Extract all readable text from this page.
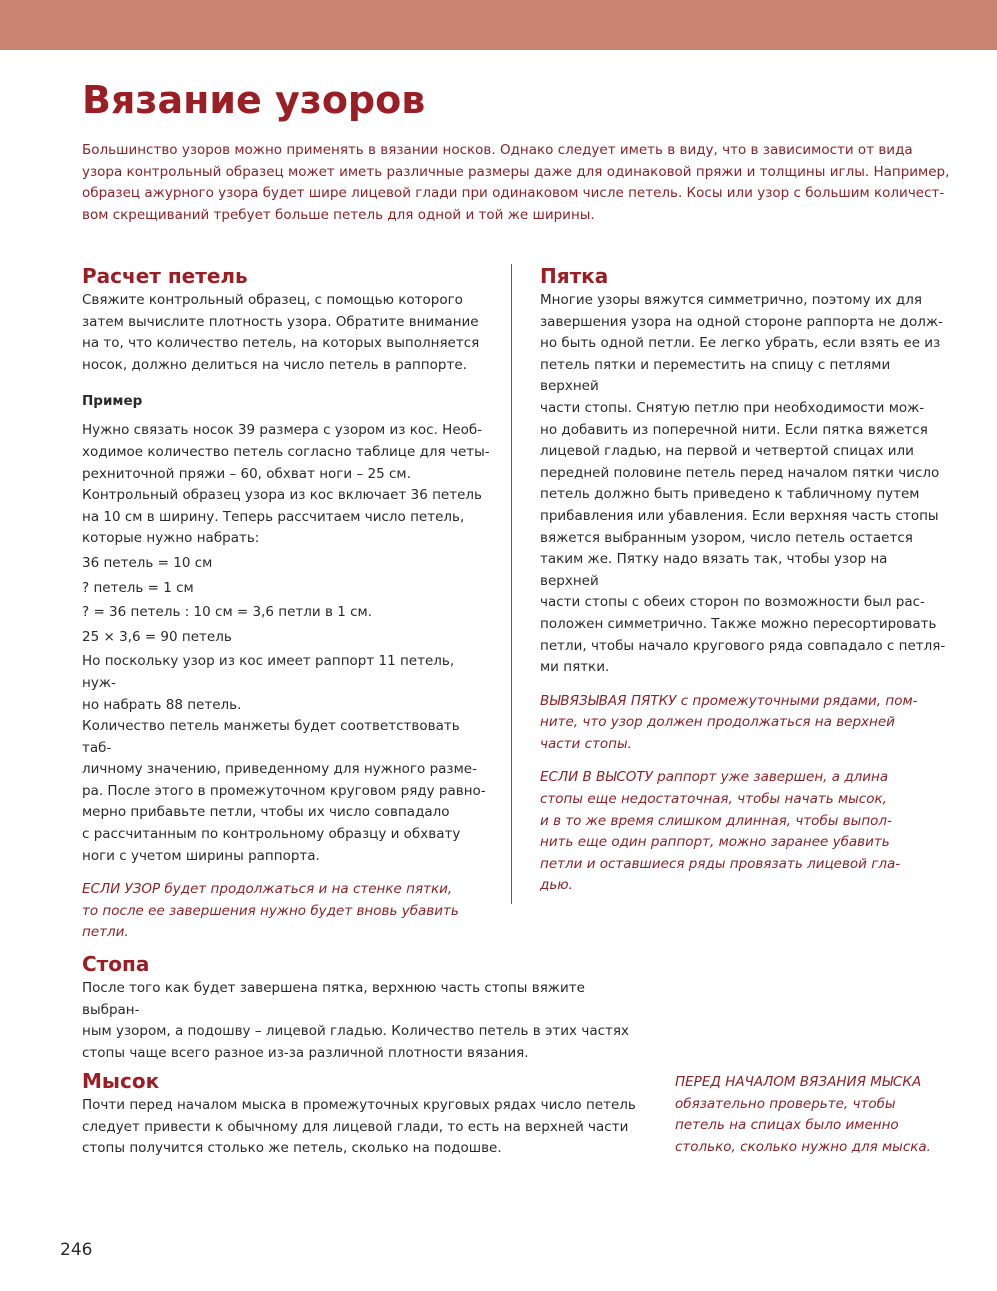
Вязание узоров

Большинство узоров можно применять в вязании носков. Однако следует иметь в виду, что в зависимости от вида
узора контрольный образец может иметь различные размеры даже для одинаковой пряжи и толщины иглы. Например,
образец ажурного узора будет шире лицевой глади при одинаковом числе петель. Косы или узор с большим количест-
вом скрещиваний требует больше петель для одной и той же ширины.

Расчет петель

Свяжите контрольный образец, с помощью которого
затем вычислите плотность узора. Обратите внимание
на то, что количество петель, на которых выполняется
носок, должно делиться на число петель в раппорте.

Пример

Нужно связать носок 39 размера с узором из кос. Необ-
ходимое количество петель согласно таблице для четы-
рехниточной пряжи – 60, обхват ноги – 25 см.
Контрольный образец узора из кос включает 36 петель
на 10 см в ширину. Теперь рассчитаем число петель,
которые нужно набрать:

36 петель = 10 см
? петель = 1 см
? = 36 петель : 10 см = 3,6 петли в 1 см.
25 × 3,6 = 90 петель

Но поскольку узор из кос имеет раппорт 11 петель, нуж-
но набрать 88 петель.

Количество петель манжеты будет соответствовать таб-
личному значению, приведенному для нужного разме-
ра. После этого в промежуточном круговом ряду равно-
мерно прибавьте петли, чтобы их число совпадало
с рассчитанным по контрольному образцу и обхвату
ноги с учетом ширины раппорта.

ЕСЛИ УЗОР будет продолжаться и на стенке пятки,
то после ее завершения нужно будет вновь убавить
петли.

Пятка

Многие узоры вяжутся симметрично, поэтому их для
завершения узора на одной стороне раппорта не долж-
но быть одной петли. Ее легко убрать, если взять ее из
петель пятки и переместить на спицу с петлями верхней
части стопы. Снятую петлю при необходимости мож-
но добавить из поперечной нити. Если пятка вяжется
лицевой гладью, на первой и четвертой спицах или
передней половине петель перед началом пятки число
петель должно быть приведено к табличному путем
прибавления или убавления. Если верхняя часть стопы
вяжется выбранным узором, число петель остается
таким же. Пятку надо вязать так, чтобы узор на верхней
части стопы с обеих сторон по возможности был рас-
положен симметрично. Также можно пересортировать
петли, чтобы начало кругового ряда совпадало с петля-
ми пятки.

ВЫВЯЗЫВАЯ ПЯТКУ с промежуточными рядами, пом-
ните, что узор должен продолжаться на верхней
части стопы.

ЕСЛИ В ВЫСОТУ раппорт уже завершен, а длина
стопы еще недостаточная, чтобы начать мысок,
и в то же время слишком длинная, чтобы выпол-
нить еще один раппорт, можно заранее убавить
петли и оставшиеся ряды провязать лицевой гла-
дью.

Стопа

После того как будет завершена пятка, верхнюю часть стопы вяжите выбран-
ным узором, а подошву – лицевой гладью. Количество петель в этих частях
стопы чаще всего разное из-за различной плотности вязания.

Мысок

Почти перед началом мыска в промежуточных круговых рядах число петель
следует привести к обычному для лицевой глади, то есть на верхней части
стопы получится столько же петель, сколько на подошве.

ПЕРЕД НАЧАЛОМ ВЯЗАНИЯ МЫСКА
обязательно проверьте, чтобы
петель на спицах было именно
столько, сколько нужно для мыска.

246
